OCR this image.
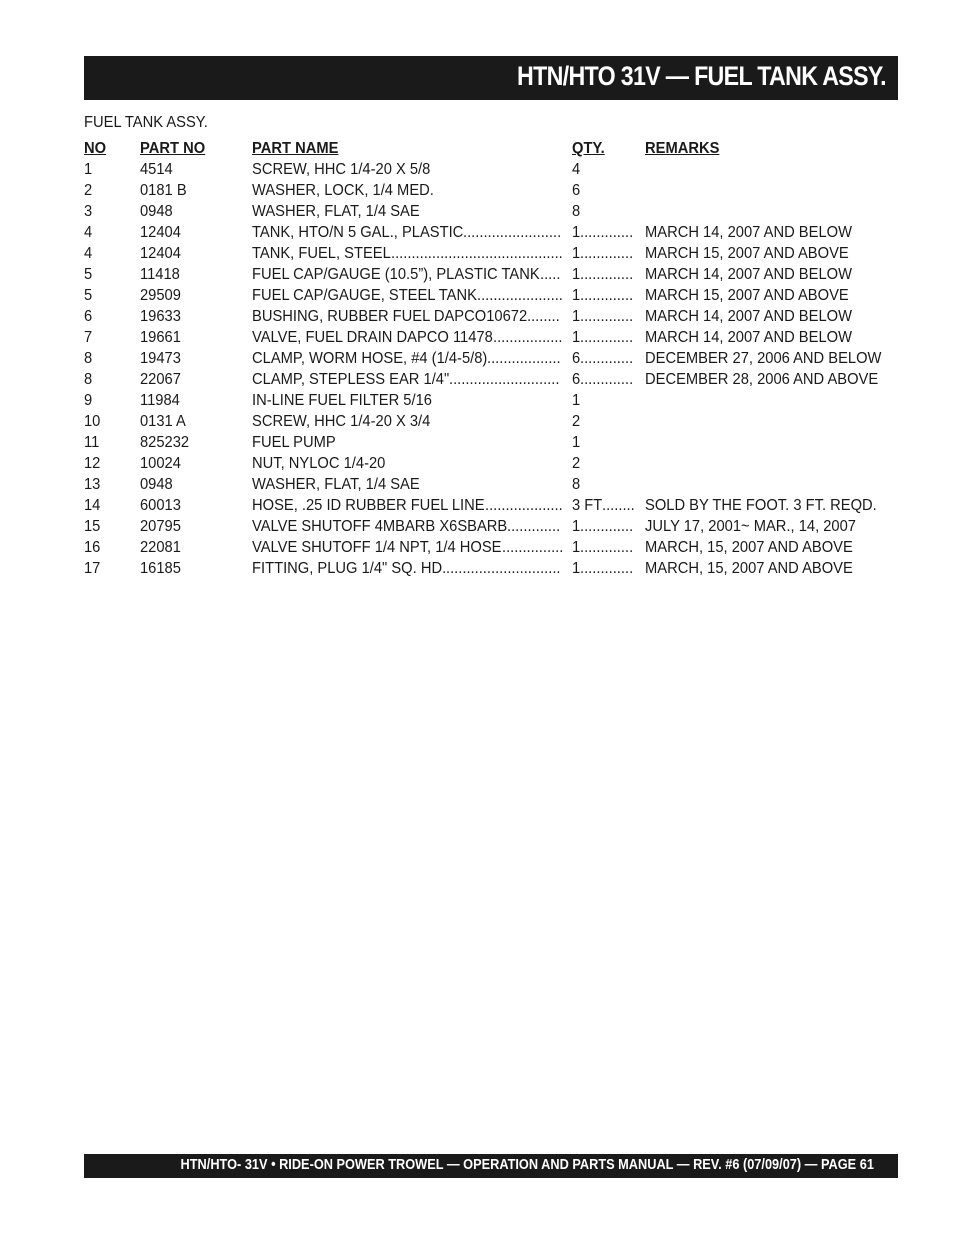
HTN/HTO 31V — FUEL TANK ASSY.
FUEL TANK ASSY.
NO PART NO	PART NAME	QTY.	REMARKS
1	4514	SCREW, HHC 1/4-20 X 5/8	4
2	0181 B	WASHER, LOCK, 1/4 MED.	6
3	0948	WASHER, FLAT, 1/4 SAE	8
4	12404	TANK, HTO/N 5 GAL., PLASTIC ........................ 1 ............. MARCH 14, 2007 AND BELOW
4	12404	TANK, FUEL, STEEL .......................................... 1 ............. MARCH 15, 2007 AND ABOVE
5	11418	FUEL CAP/GAUGE (10.5”), PLASTIC TANK ..... 1 ............. MARCH 14, 2007 AND BELOW
5	29509	FUEL CAP/GAUGE, STEEL TANK ..................... 1 ............. MARCH 15, 2007 AND ABOVE
6	19633	BUSHING, RUBBER FUEL DAPCO10672 ........ 1 ............. MARCH 14, 2007 AND BELOW
7	19661	VALVE, FUEL DRAIN DAPCO 11478 ................. 1 ............. MARCH 14, 2007 AND BELOW
8	19473	CLAMP, WORM HOSE, #4 (1/4-5/8) .................. 6 ............. DECEMBER 27, 2006 AND BELOW
8	22067	CLAMP, STEPLESS EAR 1/4" ........................... 6 ............. DECEMBER 28, 2006 AND ABOVE
9	11984	IN-LINE FUEL FILTER 5/16	1
10 0131 A	SCREW, HHC 1/4-20 X 3/4	2
11	825232	FUEL PUMP	1
12 10024	NUT, NYLOC 1/4-20	2
13 0948	WASHER, FLAT, 1/4 SAE	8
14 60013	HOSE, .25 ID RUBBER FUEL LINE ................... 3 FT ........ SOLD BY THE FOOT. 3 FT. REQD.
15 20795	VALVE SHUTOFF 4MBARB X6SBARB ............. 1 ............. JULY 17, 2001~ MAR., 14, 2007
16 22081	VALVE SHUTOFF 1/4 NPT, 1/4 HOSE ............... 1 ............. MARCH, 15, 2007 AND ABOVE
17 16185	FITTING, PLUG 1/4" SQ. HD. ............................ 1 ............. MARCH, 15, 2007 AND ABOVE
HTN/HTO- 31V • RIDE-ON POWER TROWEL — OPERATION AND PARTS MANUAL — REV. #6 (07/09/07) — PAGE 61
